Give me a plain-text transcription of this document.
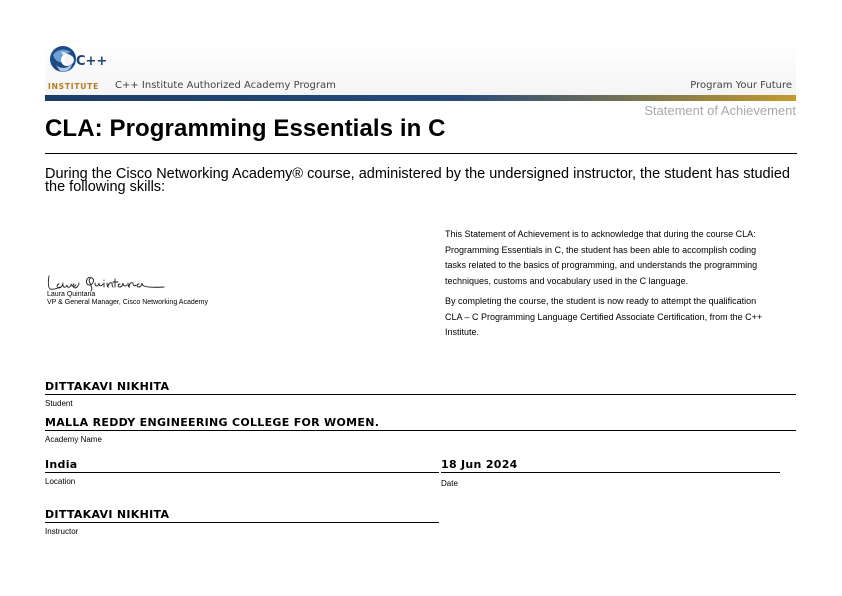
C++
INSTITUTE C++ Institute Authorized Academy Program	Program Your Future
Statement of Achievement
CLA: Programming Essentials in C

During the Cisco Networking Academy® course, administered by the undersigned instructor, the student has studied the following skills:

Laura Quintana
VP & General Manager, Cisco Networking Academy

This Statement of Achievement is to acknowledge that during the course CLA: Programming Essentials in C, the student has been able to accomplish coding tasks related to the basics of programming, and understands the programming techniques, customs and vocabulary used in the C language.

By completing the course, the student is now ready to attempt the qualification CLA – C Programming Language Certified Associate Certification, from the C++ Institute.

DITTAKAVI NIKHITA
Student
MALLA REDDY ENGINEERING COLLEGE FOR WOMEN.
Academy Name
India
Location
18 Jun 2024
Date
DITTAKAVI NIKHITA
Instructor
